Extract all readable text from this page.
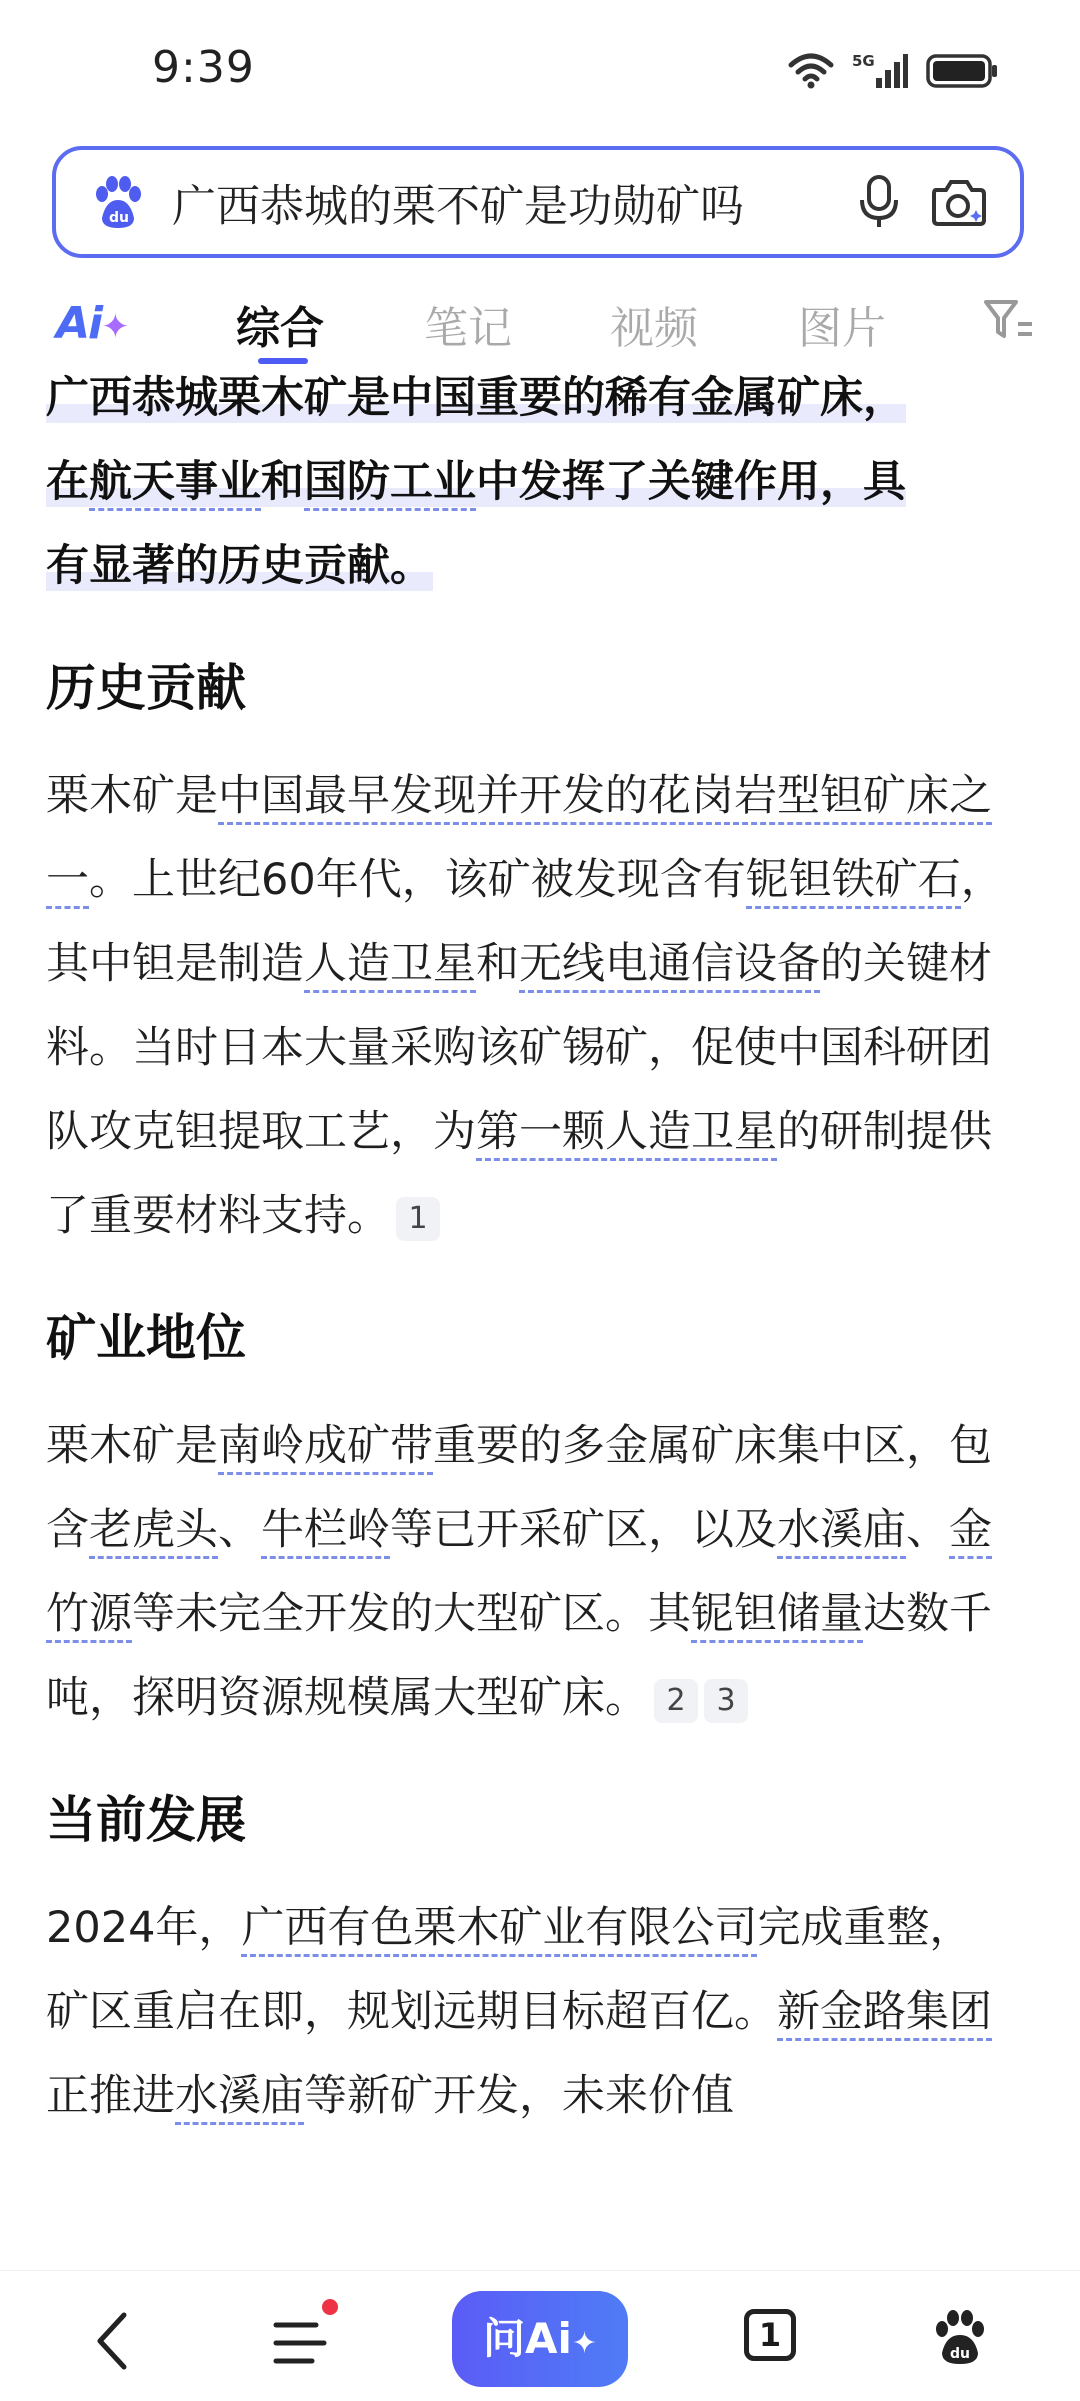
9:39	5G
du 广西恭城的栗不矿是功勋矿吗
Ai✦ 综合 笔记 视频 图片
广西恭城栗木矿是中国重要的稀有金属矿床，
在航天事业和国防工业中发挥了关键作用，具
有显著的历史贡献。
历史贡献
栗木矿是中国最早发现并开发的花岗岩型钽矿床之一。上世纪60年代，该矿被发现含有铌钽铁矿石，其中钽是制造人造卫星和无线电通信设备的关键材料。当时日本大量采购该矿锡矿，促使中国科研团队攻克钽提取工艺，为第一颗人造卫星的研制提供了重要材料支持。 1
矿业地位
栗木矿是南岭成矿带重要的多金属矿床集中区，包含老虎头、牛栏岭等已开采矿区，以及水溪庙、金竹源等未完全开发的大型矿区。其铌钽储量达数千吨，探明资源规模属大型矿床。 2 3
当前发展
2024年，广西有色栗木矿业有限公司完成重整，矿区重启在即，规划远期目标超百亿。新金路集团正推进水溪庙等新矿开发，未来价值
问Ai✦	1	du
